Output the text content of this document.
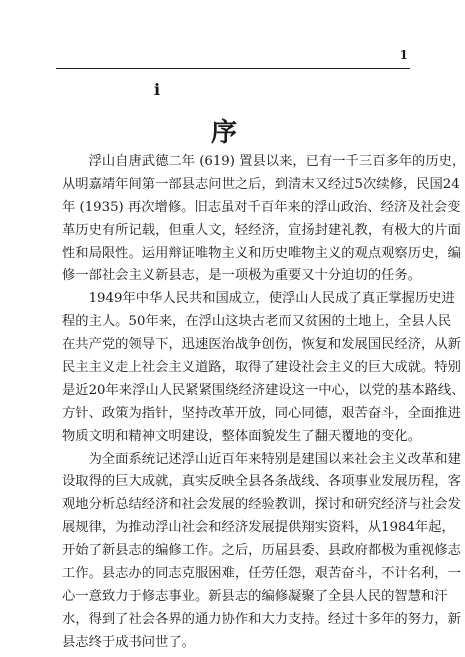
1
ⅰ
序
　　浮山自唐武德二年 (619) 置县以来，已有一千三百多年的历史，
从明嘉靖年间第一部县志问世之后，到清末又经过5次续修，民国24
年 (1935) 再次增修。旧志虽对千百年来的浮山政治、经济及社会变
革历史有所记载，但重人文，轻经济，宣扬封建礼教，有极大的片面
性和局限性。运用辩证唯物主义和历史唯物主义的观点观察历史，编
修一部社会主义新县志，是一项极为重要又十分迫切的任务。
　　1949年中华人民共和国成立，使浮山人民成了真正掌握历史进
程的主人。50年来，在浮山这块古老而又贫困的土地上，全县人民
在共产党的领导下，迅速医治战争创伤，恢复和发展国民经济，从新
民主主义走上社会主义道路，取得了建设社会主义的巨大成就。特别
是近20年来浮山人民紧紧围绕经济建设这一中心，以党的基本路线、
方针、政策为指针，坚持改革开放，同心同德，艰苦奋斗，全面推进
物质文明和精神文明建设，整体面貌发生了翻天覆地的变化。
　　为全面系统记述浮山近百年来特别是建国以来社会主义改革和建
设取得的巨大成就，真实反映全县各条战线、各项事业发展历程，客
观地分析总结经济和社会发展的经验教训，探讨和研究经济与社会发
展规律，为推动浮山社会和经济发展提供翔实资料，从1984年起，
开始了新县志的编修工作。之后，历届县委、县政府都极为重视修志
工作。县志办的同志克服困难，任劳任怨，艰苦奋斗，不计名利，一
心一意致力于修志事业。新县志的编修凝聚了全县人民的智慧和汗
水，得到了社会各界的通力协作和大力支持。经过十多年的努力，新
县志终于成书问世了。
